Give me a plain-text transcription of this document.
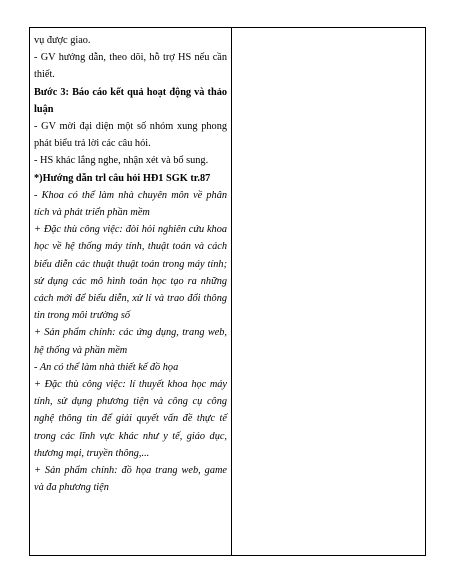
vụ được giao.

- GV hướng dẫn, theo dõi, hỗ trợ HS nếu cần thiết.

Bước 3: Báo cáo kết quả hoạt động và thảo luận

- GV mời đại diện một số nhóm xung phong phát biểu trả lời các câu hỏi.

- HS khác lắng nghe, nhận xét và bổ sung.

*)Hướng dẫn trl câu hỏi HĐ1 SGK tr.87

- Khoa có thể làm nhà chuyên môn về phân tích và phát triển phần mềm

+ Đặc thù công việc: đòi hỏi nghiên cứu khoa học về hệ thống máy tính, thuật toán và cách biểu diễn các thuật thuật toán trong máy tính; sử dụng các mô hình toán học tạo ra những cách mới để biểu diễn, xử lí và trao đổi thông tin trong môi trường số

+ Sản phẩm chính: các ứng dụng, trang web, hệ thống và phần mềm

- An có thể làm nhà thiết kế đồ họa

+ Đặc thù công việc: lí thuyết khoa học máy tính, sử dụng phương tiện và công cụ công nghệ thông tin để giải quyết vấn đề thực tế trong các lĩnh vực khác như y tế, giáo dục, thương mại, truyền thông,...

+ Sản phẩm chính: đồ họa trang web, game và đa phương tiện
